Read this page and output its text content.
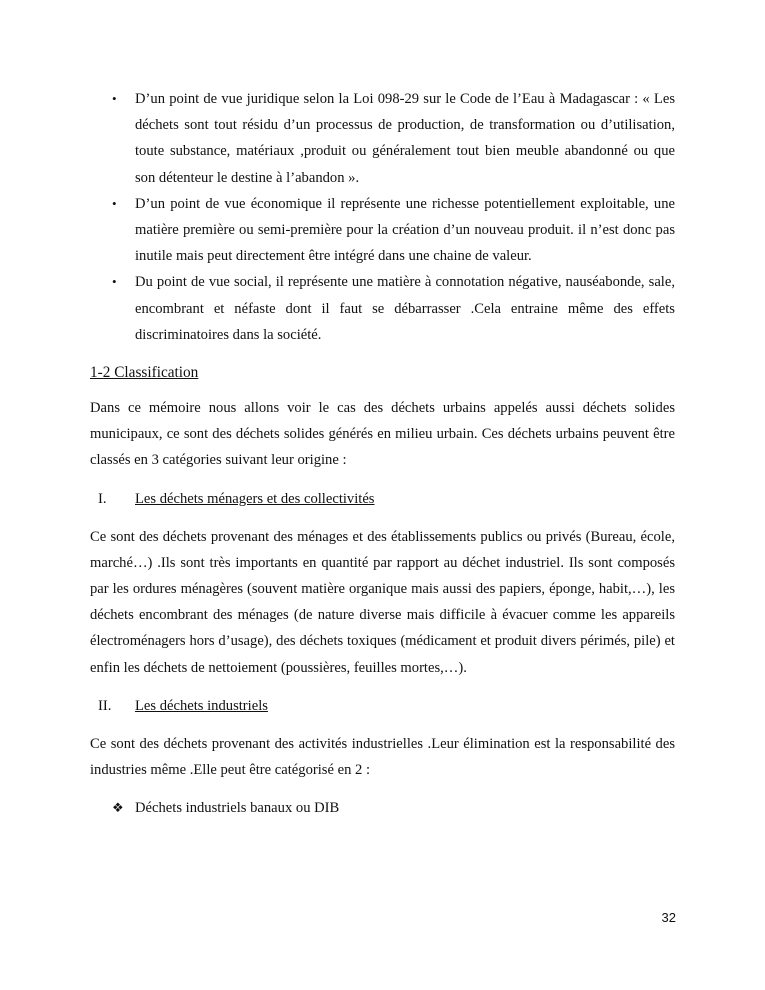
• D’un point de vue juridique selon la Loi 098-29 sur le Code de l’Eau à Madagascar : « Les déchets sont tout résidu d’un processus de production, de transformation ou d’utilisation, toute substance, matériaux ,produit ou généralement tout bien meuble abandonné ou que son détenteur le destine à l’abandon ».
• D’un point de vue économique il représente une richesse potentiellement exploitable, une matière première ou semi-première pour la création d’un nouveau produit. il n’est donc pas inutile mais peut directement être intégré dans une chaine de valeur.
• Du point de vue social, il représente une matière à connotation négative, nauséabonde, sale, encombrant et néfaste dont il faut se débarrasser .Cela entraine même des effets discriminatoires dans la société.
1-2 Classification

Dans ce mémoire nous allons voir le cas des déchets urbains appelés aussi déchets solides municipaux, ce sont des déchets solides générés en milieu urbain. Ces déchets urbains peuvent être classés en 3 catégories suivant leur origine :

I. Les déchets ménagers et des collectivités

Ce sont des déchets provenant des ménages et des établissements publics ou privés (Bureau, école, marché…) .Ils sont très importants en quantité par rapport au déchet industriel. Ils sont composés par les ordures ménagères (souvent matière organique mais aussi des papiers, éponge, habit,…), les déchets encombrant des ménages (de nature diverse mais difficile à évacuer comme les appareils électroménagers hors d’usage), des déchets toxiques (médicament et produit divers périmés, pile) et enfin les déchets de nettoiement (poussières, feuilles mortes,…).

II. Les déchets industriels

Ce sont des déchets provenant des activités industrielles .Leur élimination est la responsabilité des industries même .Elle peut être catégorisé en 2 :

❖ Déchets industriels banaux ou DIB
32
